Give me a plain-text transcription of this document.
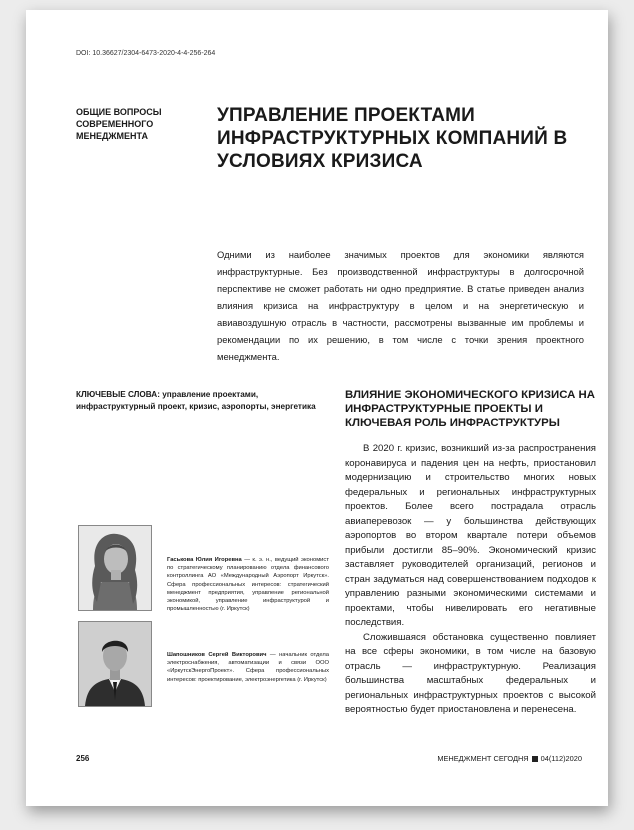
DOI: 10.36627/2304-6473-2020-4-4-256-264
ОБЩИЕ ВОПРОСЫ СОВРЕМЕННОГО МЕНЕДЖМЕНТА
УПРАВЛЕНИЕ ПРОЕКТАМИ ИНФРАСТРУКТУРНЫХ КОМПАНИЙ В УСЛОВИЯХ КРИЗИСА
Одними из наиболее значимых проектов для экономики являются инфраструктурные. Без производственной инфраструктуры в долгосрочной перспективе не сможет работать ни одно предприятие. В статье приведен анализ влияния кризиса на инфраструктуру в целом и на энергетическую и авиавоздушную отрасль в частности, рассмотрены вызванные им проблемы и рекомендации по их решению, в том числе с точки зрения проектного менеджмента.
КЛЮЧЕВЫЕ СЛОВА: управление проектами, инфраструктурный проект, кризис, аэропорты, энергетика
ВЛИЯНИЕ ЭКОНОМИЧЕСКОГО КРИЗИСА НА ИНФРАСТРУКТУРНЫЕ ПРОЕКТЫ И КЛЮЧЕВАЯ РОЛЬ ИНФРАСТРУКТУРЫ

В 2020 г. кризис, возникший из-за распространения коронавируса и падения цен на нефть, приостановил модернизацию и строительство многих новых федеральных и региональных инфраструктурных проектов. Более всего пострадала отрасль авиаперевозок — у большинства действующих аэропортов во втором квартале потери объемов прибыли достигли 85–90%. Экономический кризис заставляет руководителей организаций, регионов и стран задуматься над совершенствованием подходов к управлению разными экономическими системами и проектами, чтобы нивелировать его негативные последствия.

Сложившаяся обстановка существенно повлияет на все сферы экономики, в том числе на базовую отрасль — инфраструктурную. Реализация большинства масштабных федеральных и региональных инфраструктурных проектов с высокой вероятностью будет приостановлена и перенесена.

Гаськова Юлия Игоревна — к. э. н., ведущий экономист по стратегическому планированию отдела финансового контроллинга АО «Международный Аэропорт Иркутск». Сфера профессиональных интересов: стратегический менеджмент предприятия, управление региональной экономикой, управление инфраструктурой и промышленностью (г. Иркутск)
Шапошников Сергей Викторович — начальник отдела электроснабжения, автоматизации и связи ООО «ИркутскЭнергоПроект». Сфера профессиональных интересов: проектирование, электроэнергетика (г. Иркутск)
256	МЕНЕДЖМЕНТ СЕГОДНЯ 04(112)2020
